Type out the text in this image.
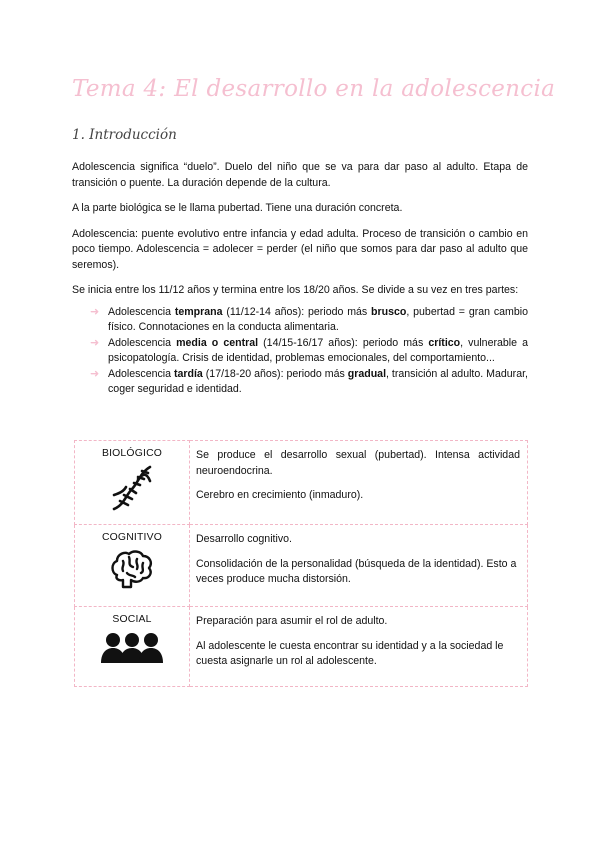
Tema 4: El desarrollo en la adolescencia
1. Introducción

Adolescencia significa “duelo”. Duelo del niño que se va para dar paso al adulto. Etapa de transición o puente. La duración depende de la cultura.

A la parte biológica se le llama pubertad. Tiene una duración concreta.

Adolescencia: puente evolutivo entre infancia y edad adulta. Proceso de transición o cambio en poco tiempo. Adolescencia = adolecer = perder (el niño que somos para dar paso al adulto que seremos).

Se inicia entre los 11/12 años y termina entre los 18/20 años. Se divide a su vez en tres partes:

➜ Adolescencia temprana (11/12-14 años): periodo más brusco, pubertad = gran cambio físico. Connotaciones en la conducta alimentaria.
➜ Adolescencia media o central (14/15-16/17 años): periodo más crítico, vulnerable a psicopatología. Crisis de identidad, problemas emocionales, del comportamiento...
➜ Adolescencia tardía (17/18-20 años): periodo más gradual, transición al adulto. Madurar, coger seguridad e identidad.
BIOLÓGICO	Se produce el desarrollo sexual (pubertad). Intensa actividad neuroendocrina.

Cerebro en crecimiento (inmaduro).

COGNITIVO	Desarrollo cognitivo.

Consolidación de la personalidad (búsqueda de la identidad). Esto a veces produce mucha distorsión.

SOCIAL	Preparación para asumir el rol de adulto.

Al adolescente le cuesta encontrar su identidad y a la sociedad le cuesta asignarle un rol al adolescente.
